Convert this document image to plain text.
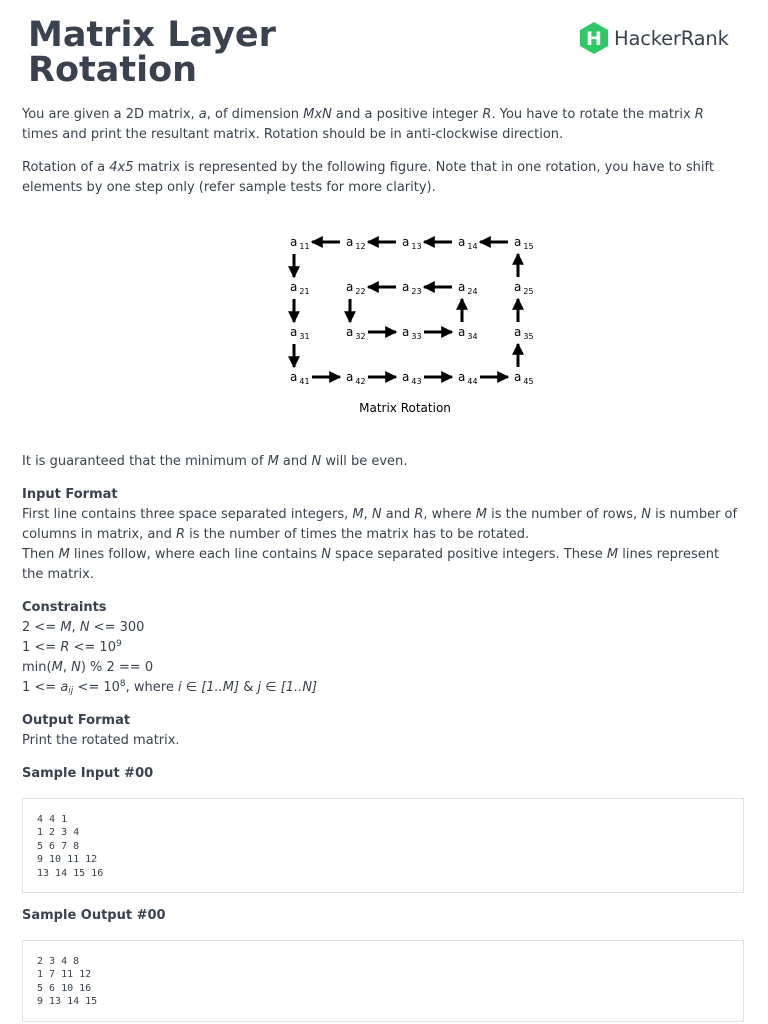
Matrix Layer Rotation
H HackerRank

You are given a 2D matrix, a, of dimension MxN and a positive integer R. You have to rotate the matrix R times and print the resultant matrix. Rotation should be in anti-clockwise direction.

Rotation of a 4x5 matrix is represented by the following figure. Note that in one rotation, you have to shift elements by one step only (refer sample tests for more clarity).

a $_{11}$	a $_{12}$	a $_{13}$	a $_{14}$	a $_{15}$
a $_{21}$	a $_{22}$	a $_{23}$	a $_{24}$	a $_{25}$
a $_{31}$	a $_{32}$	a $_{33}$	a $_{34}$	a $_{35}$
a $_{41}$	a $_{42}$	a $_{43}$	a $_{44}$	a $_{45}$
Matrix Rotation

It is guaranteed that the minimum of M and N will be even.

Input Format

First line contains three space separated integers, M, N and R, where M is the number of rows, N is number of columns in matrix, and R is the number of times the matrix has to be rotated.

Then M lines follow, where each line contains N space separated positive integers. These M lines represent the matrix.

Constraints

2 <= M, N <= 300

$1 <= R <= 10^9$

min(M, N) % 2 == 0

$1 <= a_{ij} <= 10^8$, where i ∈ [1..M] & j ∈ [1..N]

Output Format

Print the rotated matrix.

Sample Input #00

4 4 1
1 2 3 4
5 6 7 8
9 10 11 12
13 14 15 16

Sample Output #00

2 3 4 8
1 7 11 12
5 6 10 16
9 13 14 15
